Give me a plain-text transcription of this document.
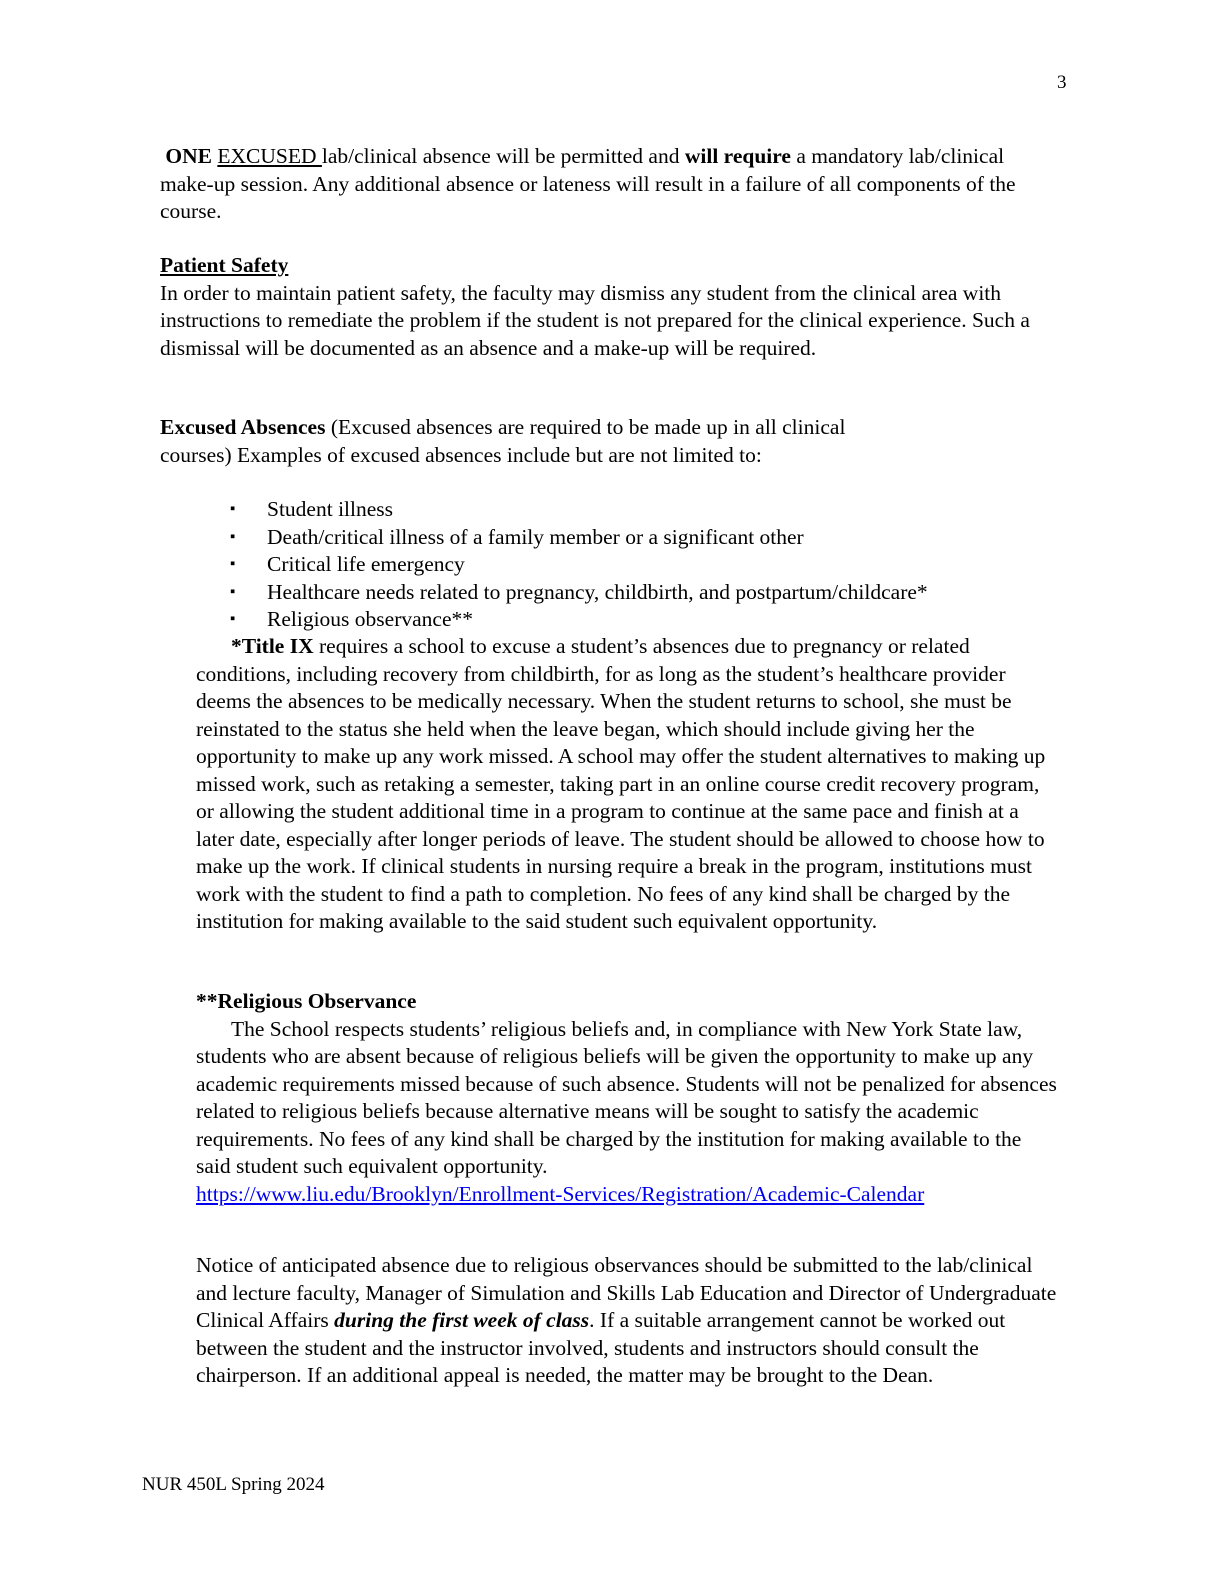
3

ONE EXCUSED lab/clinical absence will be permitted and will require a mandatory lab/clinical make-up session. Any additional absence or lateness will result in a failure of all components of the course.

Patient Safety

In order to maintain patient safety, the faculty may dismiss any student from the clinical area with instructions to remediate the problem if the student is not prepared for the clinical experience. Such a dismissal will be documented as an absence and a make-up will be required.

Excused Absences (Excused absences are required to be made up in all clinical courses) Examples of excused absences include but are not limited to:

▪ Student illness
▪ Death/critical illness of a family member or a significant other
▪ Critical life emergency
▪ Healthcare needs related to pregnancy, childbirth, and postpartum/childcare*
▪ Religious observance**

*Title IX requires a school to excuse a student’s absences due to pregnancy or related conditions, including recovery from childbirth, for as long as the student’s healthcare provider deems the absences to be medically necessary. When the student returns to school, she must be reinstated to the status she held when the leave began, which should include giving her the opportunity to make up any work missed. A school may offer the student alternatives to making up missed work, such as retaking a semester, taking part in an online course credit recovery program, or allowing the student additional time in a program to continue at the same pace and finish at a later date, especially after longer periods of leave. The student should be allowed to choose how to make up the work. If clinical students in nursing require a break in the program, institutions must work with the student to find a path to completion. No fees of any kind shall be charged by the institution for making available to the said student such equivalent opportunity.

**Religious Observance

The School respects students’ religious beliefs and, in compliance with New York State law, students who are absent because of religious beliefs will be given the opportunity to make up any academic requirements missed because of such absence. Students will not be penalized for absences related to religious beliefs because alternative means will be sought to satisfy the academic requirements. No fees of any kind shall be charged by the institution for making available to the said student such equivalent opportunity.

https://www.liu.edu/Brooklyn/Enrollment-Services/Registration/Academic-Calendar

Notice of anticipated absence due to religious observances should be submitted to the lab/clinical and lecture faculty, Manager of Simulation and Skills Lab Education and Director of Undergraduate Clinical Affairs during the first week of class. If a suitable arrangement cannot be worked out between the student and the instructor involved, students and instructors should consult the chairperson. If an additional appeal is needed, the matter may be brought to the Dean.

NUR 450L Spring 2024
